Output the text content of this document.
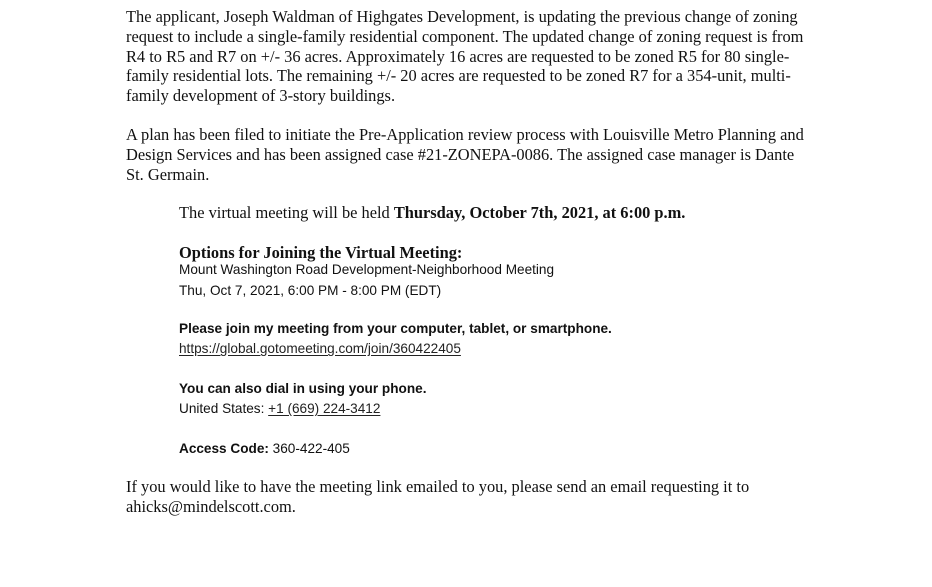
The applicant, Joseph Waldman of Highgates Development, is updating the previous change of zoning request to include a single-family residential component. The updated change of zoning request is from R4 to R5 and R7 on +/- 36 acres. Approximately 16 acres are requested to be zoned R5 for 80 single-family residential lots. The remaining +/- 20 acres are requested to be zoned R7 for a 354-unit, multi-family development of 3-story buildings.

A plan has been filed to initiate the Pre-Application review process with Louisville Metro Planning and Design Services and has been assigned case #21-ZONEPA-0086. The assigned case manager is Dante St. Germain.

The virtual meeting will be held Thursday, October 7th, 2021, at 6:00 p.m.

Options for Joining the Virtual Meeting:

Mount Washington Road Development-Neighborhood Meeting

Thu, Oct 7, 2021, 6:00 PM - 8:00 PM (EDT)

Please join my meeting from your computer, tablet, or smartphone.

https://global.gotomeeting.com/join/360422405

You can also dial in using your phone.

United States: +1 (669) 224-3412

Access Code: 360-422-405

If you would like to have the meeting link emailed to you, please send an email requesting it to ahicks@mindelscott.com.
